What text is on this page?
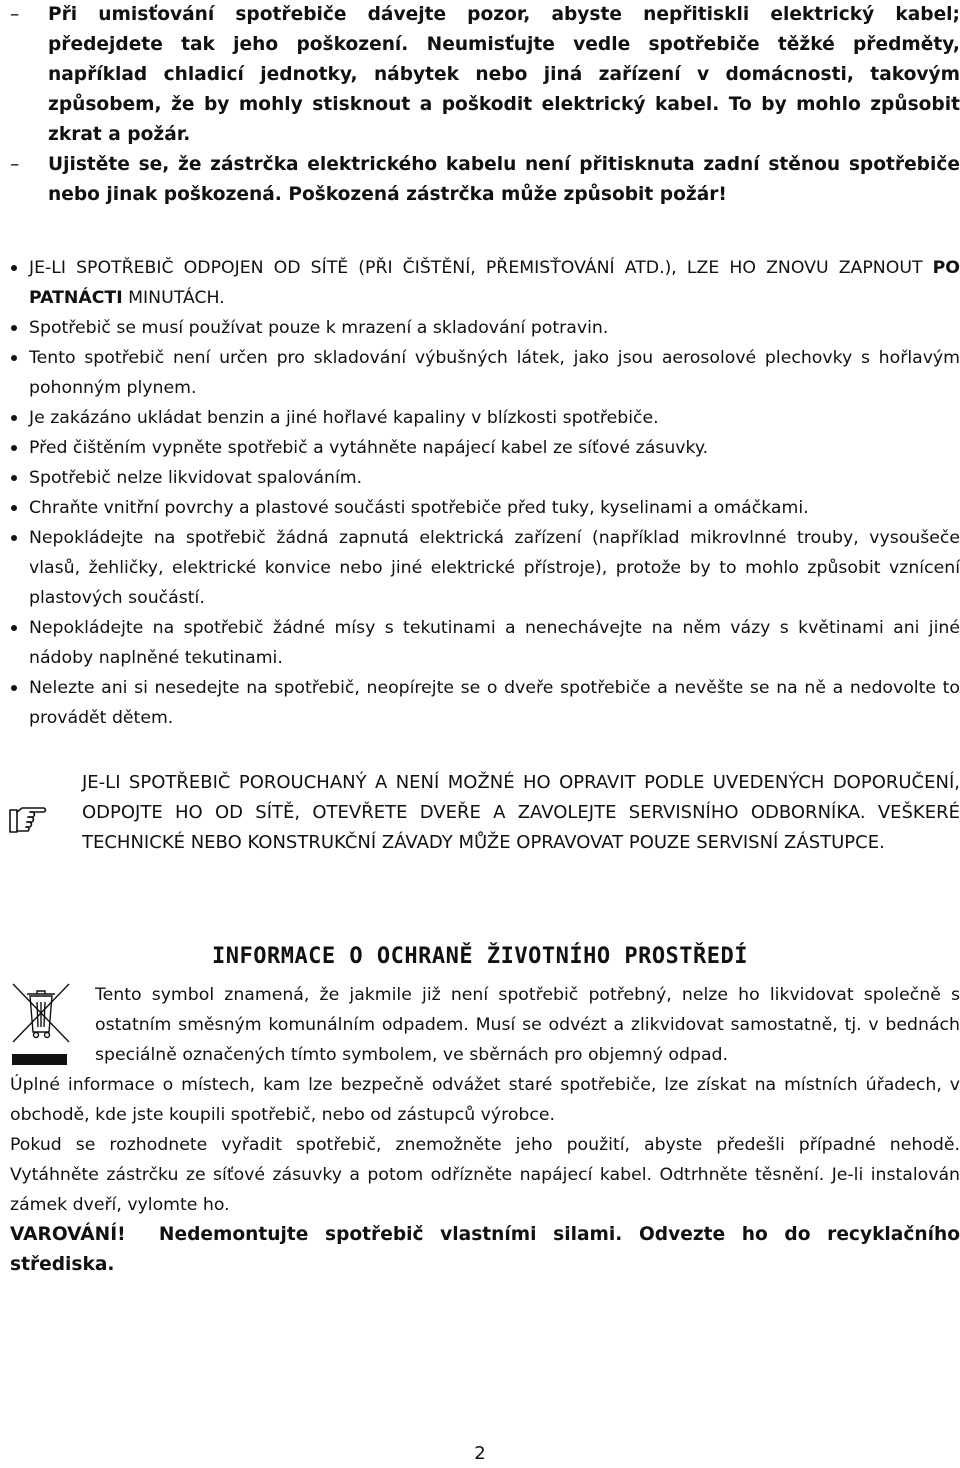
– Při umisťování spotřebiče dávejte pozor, abyste nepřitiskli elektrický kabel; předejdete tak jeho poškození. Neumisťujte vedle spotřebiče těžké předměty, například chladicí jednotky, nábytek nebo jiná zařízení v domácnosti, takovým způsobem, že by mohly stisknout a poškodit elektrický kabel. To by mohlo způsobit zkrat a požár.

– Ujistěte se, že zástrčka elektrického kabelu není přitisknuta zadní stěnou spotřebiče nebo jinak poškozená. Poškozená zástrčka může způsobit požár!

JE-LI SPOTŘEBIČ ODPOJEN OD SÍTĚ (PŘI ČIŠTĚNÍ, PŘEMISŤOVÁNÍ ATD.), LZE HO ZNOVU ZAPNOUT PO PATNÁCTI MINUTÁCH.
Spotřebič se musí používat pouze k mrazení a skladování potravin.
Tento spotřebič není určen pro skladování výbušných látek, jako jsou aerosolové plechovky s hořlavým pohonným plynem.
Je zakázáno ukládat benzin a jiné hořlavé kapaliny v blízkosti spotřebiče.
Před čištěním vypněte spotřebič a vytáhněte napájecí kabel ze síťové zásuvky.
Spotřebič nelze likvidovat spalováním.
Chraňte vnitřní povrchy a plastové součásti spotřebiče před tuky, kyselinami a omáčkami.
Nepokládejte na spotřebič žádná zapnutá elektrická zařízení (například mikrovlnné trouby, vysoušeče vlasů, žehličky, elektrické konvice nebo jiné elektrické přístroje), protože by to mohlo způsobit vznícení plastových součástí.
Nepokládejte na spotřebič žádné mísy s tekutinami a nenechávejte na něm vázy s květinami ani jiné nádoby naplněné tekutinami.
Nelezte ani si nesedejte na spotřebič, neopírejte se o dveře spotřebiče a nevěšte se na ně a nedovolte to provádět dětem.

JE-LI SPOTŘEBIČ POROUCHANÝ A NENÍ MOŽNÉ HO OPRAVIT PODLE UVEDENÝCH DOPORUČENÍ, ODPOJTE HO OD SÍTĚ, OTEVŘETE DVEŘE A ZAVOLEJTE SERVISNÍHO ODBORNÍKA. VEŠKERÉ TECHNICKÉ NEBO KONSTRUKČNÍ ZÁVADY MŮŽE OPRAVOVAT POUZE SERVISNÍ ZÁSTUPCE.

INFORMACE O OCHRANĚ ŽIVOTNÍHO PROSTŘEDÍ

Tento symbol znamená, že jakmile již není spotřebič potřebný, nelze ho likvidovat společně s ostatním směsným komunálním odpadem. Musí se odvézt a zlikvidovat samostatně, tj. v bednách speciálně označených tímto symbolem, ve sběrnách pro objemný odpad.

Úplné informace o místech, kam lze bezpečně odvážet staré spotřebiče, lze získat na místních úřadech, v obchodě, kde jste koupili spotřebič, nebo od zástupců výrobce.

Pokud se rozhodnete vyřadit spotřebič, znemožněte jeho použití, abyste předešli případné nehodě. Vytáhněte zástrčku ze síťové zásuvky a potom odřízněte napájecí kabel. Odtrhněte těsnění. Je-li instalován zámek dveří, vylomte ho.

VAROVÁNÍ! Nedemontujte spotřebič vlastními silami. Odvezte ho do recyklačního střediska.

2
